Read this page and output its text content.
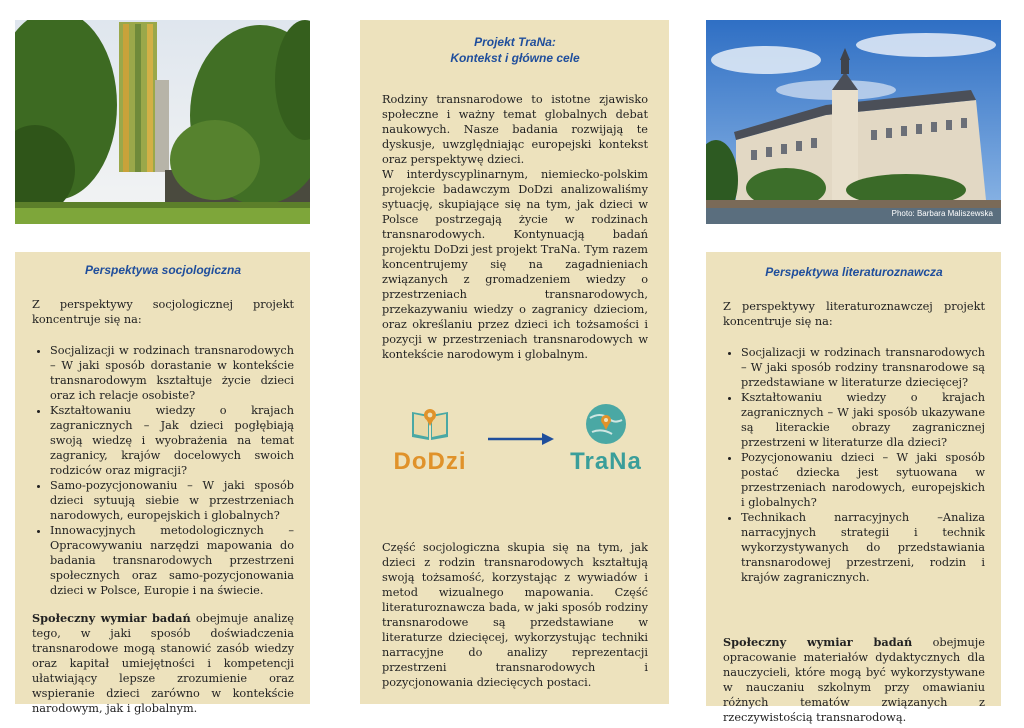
Perspektywa socjologiczna

Z perspektywy socjologicznej projekt koncentruje się na:

• Socjalizacji w rodzinach transnarodowych – W jaki sposób dorastanie w kontekście transnarodowym kształtuje życie dzieci oraz ich relacje osobiste?
• Kształtowaniu wiedzy o krajach zagranicznych – Jak dzieci pogłębiają swoją wiedzę i wyobrażenia na temat zagranicy, krajów docelowych swoich rodziców oraz migracji?
• Samo-pozycjonowaniu – W jaki sposób dzieci sytuują siebie w przestrzeniach narodowych, europejskich i globalnych?
• Innowacyjnych metodologicznych – Opracowywaniu narzędzi mapowania do badania transnarodowych przestrzeni społecznych oraz samo-pozycjonowania dzieci w Polsce, Europie i na świecie.

Społeczny wymiar badań obejmuje analizę tego, w jaki sposób doświadczenia transnarodowe mogą stanowić zasób wiedzy oraz kapitał umiejętności i kompetencji ułatwiający lepsze zrozumienie oraz wspieranie dzieci zarówno w kontekście narodowym, jak i globalnym.

Projekt TraNa:
Kontekst i główne cele

Rodziny transnarodowe to istotne zjawisko społeczne i ważny temat globalnych debat naukowych. Nasze badania rozwijają te dyskusje, uwzględniając europejski kontekst oraz perspektywę dzieci.

W interdyscyplinarnym, niemiecko-polskim projekcie badawczym DoDzi analizowaliśmy sytuację, skupiające się na tym, jak dzieci w Polsce postrzegają życie w rodzinach transnarodowych. Kontynuacją badań projektu DoDzi jest projekt TraNa. Tym razem koncentrujemy się na zagadnieniach związanych z gromadzeniem wiedzy o przestrzeniach transnarodowych, przekazywaniu wiedzy o zagranicy dzieciom, oraz określaniu przez dzieci ich tożsamości i pozycji w przestrzeniach transnarodowych w kontekście narodowym i globalnym.

DoDzi	TraNa

Część socjologiczna skupia się na tym, jak dzieci z rodzin transnarodowych kształtują swoją tożsamość, korzystając z wywiadów i metod wizualnego mapowania. Część literaturoznawcza bada, w jaki sposób rodziny transnarodowe są przedstawiane w literaturze dziecięcej, wykorzystując techniki narracyjne do analizy reprezentacji przestrzeni transnarodowych i pozycjonowania dziecięcych postaci.

Photo: Barbara Maliszewska
Perspektywa literaturoznawcza

Z perspektywy literaturoznawczej projekt koncentruje się na:

• Socjalizacji w rodzinach transnarodowych – W jaki sposób rodziny transnarodowe są przedstawiane w literaturze dziecięcej?
• Kształtowaniu wiedzy o krajach zagranicznych – W jaki sposób ukazywane są literackie obrazy zagranicznej przestrzeni w literaturze dla dzieci?
• Pozycjonowaniu dzieci – W jaki sposób postać dziecka jest sytuowana w przestrzeniach narodowych, europejskich i globalnych?
• Technikach narracyjnych –Analiza narracyjnych strategii i technik wykorzystywanych do przedstawiania transnarodowej przestrzeni, rodzin i krajów zagranicznych.

Społeczny wymiar badań obejmuje opracowanie materiałów dydaktycznych dla nauczycieli, które mogą być wykorzystywane w nauczaniu szkolnym przy omawianiu różnych tematów związanych z rzeczywistością transnarodową.
